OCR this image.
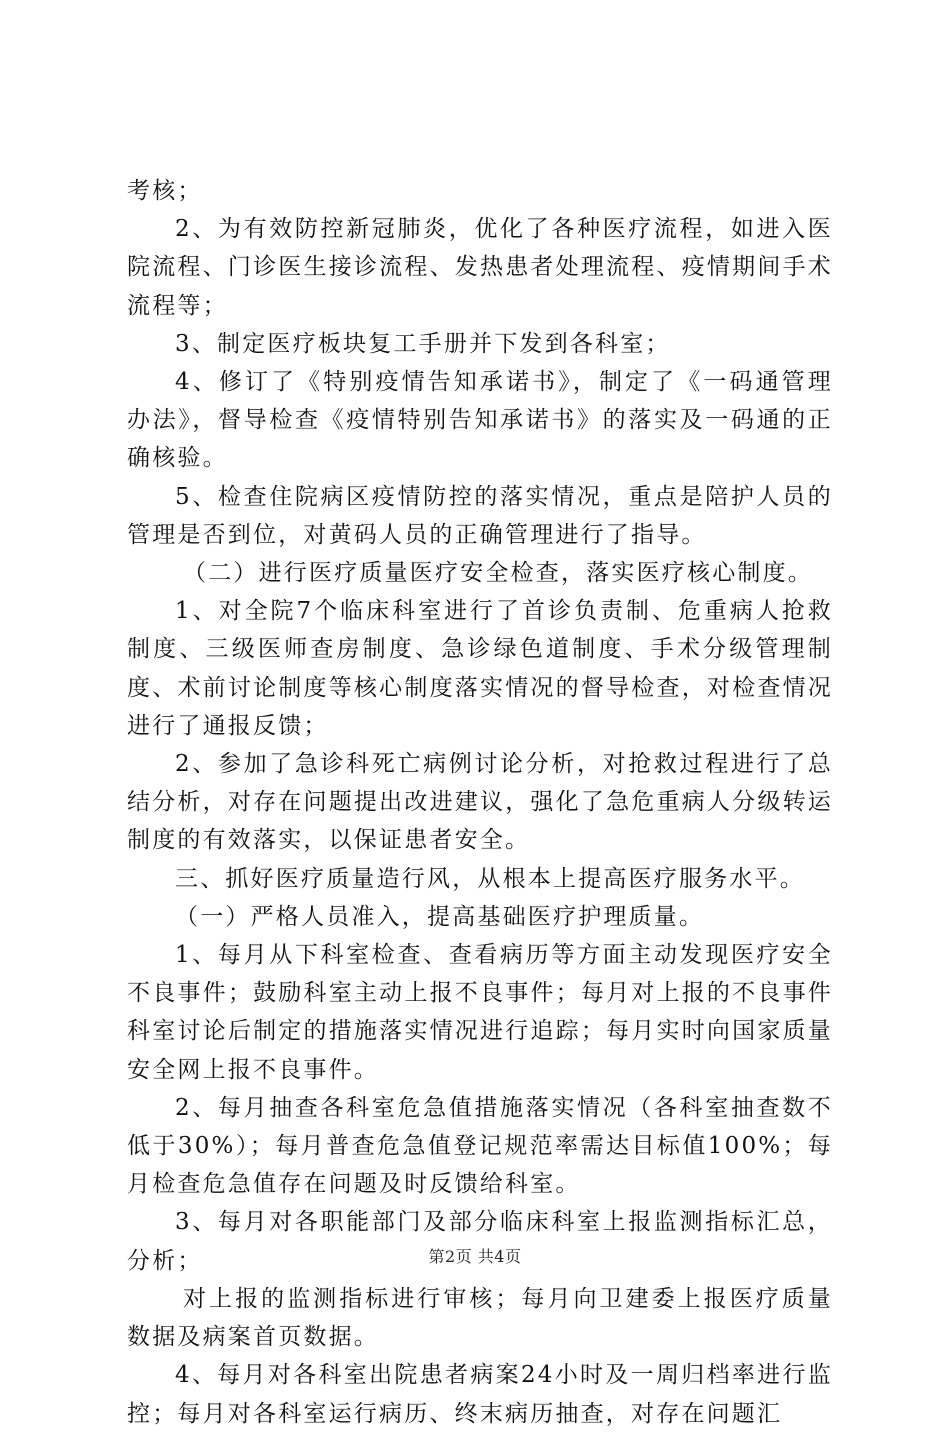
考核；

2、为有效防控新冠肺炎，优化了各种医疗流程，如进入医院流程、门诊医生接诊流程、发热患者处理流程、疫情期间手术流程等；

3、制定医疗板块复工手册并下发到各科室；

4、修订了《特别疫情告知承诺书》，制定了《一码通管理办法》，督导检查《疫情特别告知承诺书》的落实及一码通的正确核验。

5、检查住院病区疫情防控的落实情况，重点是陪护人员的管理是否到位，对黄码人员的正确管理进行了指导。

（二）进行医疗质量医疗安全检查，落实医疗核心制度。

1、对全院7个临床科室进行了首诊负责制、危重病人抢救制度、三级医师查房制度、急诊绿色道制度、手术分级管理制度、术前讨论制度等核心制度落实情况的督导检查，对检查情况进行了通报反馈；

2、参加了急诊科死亡病例讨论分析，对抢救过程进行了总结分析，对存在问题提出改进建议，强化了急危重病人分级转运制度的有效落实，以保证患者安全。

三、抓好医疗质量造行风，从根本上提高医疗服务水平。

（一）严格人员准入，提高基础医疗护理质量。

1、每月从下科室检查、查看病历等方面主动发现医疗安全不良事件；鼓励科室主动上报不良事件；每月对上报的不良事件科室讨论后制定的措施落实情况进行追踪；每月实时向国家质量安全网上报不良事件。

2、每月抽查各科室危急值措施落实情况（各科室抽查数不低于30%）；每月普查危急值登记规范率需达目标值100%；每月检查危急值存在问题及时反馈给科室。

3、每月对各职能部门及部分临床科室上报监测指标汇总，分析；

对上报的监测指标进行审核；每月向卫建委上报医疗质量数据及病案首页数据。

4、每月对各科室出院患者病案24小时及一周归档率进行监控；每月对各科室运行病历、终末病历抽查，对存在问题汇

第2页 共4页
